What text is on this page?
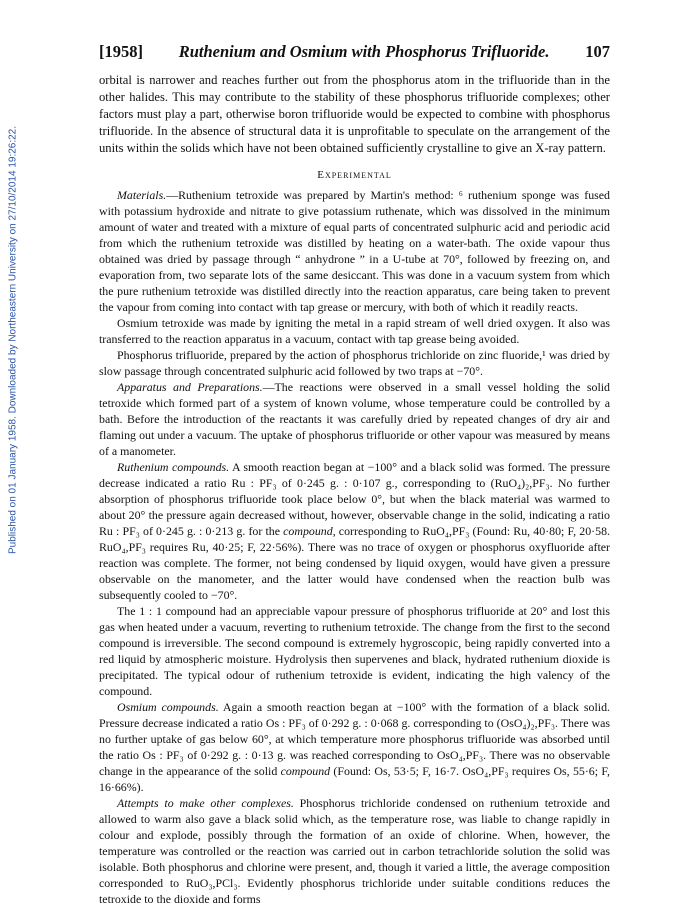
Published on 01 January 1958. Downloaded by Northeastern University on 27/10/2014 19:26:22.
[1958] Ruthenium and Osmium with Phosphorus Trifluoride. 107

orbital is narrower and reaches further out from the phosphorus atom in the trifluoride than in the other halides. This may contribute to the stability of these phosphorus trifluoride complexes; other factors must play a part, otherwise boron trifluoride would be expected to combine with phosphorus trifluoride. In the absence of structural data it is unprofitable to speculate on the arrangement of the units within the solids which have not been obtained sufficiently crystalline to give an X-ray pattern.

Experimental

Materials.—Ruthenium tetroxide was prepared by Martin's method: ⁶ ruthenium sponge was fused with potassium hydroxide and nitrate to give potassium ruthenate, which was dissolved in the minimum amount of water and treated with a mixture of equal parts of concentrated sulphuric acid and periodic acid from which the ruthenium tetroxide was distilled by heating on a water-bath. The oxide vapour thus obtained was dried by passage through “ anhydrone ” in a U-tube at 70°, followed by freezing on, and evaporation from, two separate lots of the same desiccant. This was done in a vacuum system from which the pure ruthenium tetroxide was distilled directly into the reaction apparatus, care being taken to prevent the vapour from coming into contact with tap grease or mercury, with both of which it readily reacts.

Osmium tetroxide was made by igniting the metal in a rapid stream of well dried oxygen. It also was transferred to the reaction apparatus in a vacuum, contact with tap grease being avoided.

Phosphorus trifluoride, prepared by the action of phosphorus trichloride on zinc fluoride,¹ was dried by slow passage through concentrated sulphuric acid followed by two traps at −70°.

Apparatus and Preparations.—The reactions were observed in a small vessel holding the solid tetroxide which formed part of a system of known volume, whose temperature could be controlled by a bath. Before the introduction of the reactants it was carefully dried by repeated changes of dry air and flaming out under a vacuum. The uptake of phosphorus trifluoride or other vapour was measured by means of a manometer.

Ruthenium compounds. A smooth reaction began at −100° and a black solid was formed. The pressure decrease indicated a ratio Ru : PF₃ of 0·245 g. : 0·107 g., corresponding to (RuO₄)₂,PF₃. No further absorption of phosphorus trifluoride took place below 0°, but when the black material was warmed to about 20° the pressure again decreased without, however, observable change in the solid, indicating a ratio Ru : PF₃ of 0·245 g. : 0·213 g. for the compound, corresponding to RuO₄,PF₃ (Found: Ru, 40·80; F, 20·58. RuO₄,PF₃ requires Ru, 40·25; F, 22·56%). There was no trace of oxygen or phosphorus oxyfluoride after reaction was complete. The former, not being condensed by liquid oxygen, would have given a pressure observable on the manometer, and the latter would have condensed when the reaction bulb was subsequently cooled to −70°.

The 1 : 1 compound had an appreciable vapour pressure of phosphorus trifluoride at 20° and lost this gas when heated under a vacuum, reverting to ruthenium tetroxide. The change from the first to the second compound is irreversible. The second compound is extremely hygroscopic, being rapidly converted into a red liquid by atmospheric moisture. Hydrolysis then supervenes and black, hydrated ruthenium dioxide is precipitated. The typical odour of ruthenium tetroxide is evident, indicating the high valency of the compound.

Osmium compounds. Again a smooth reaction began at −100° with the formation of a black solid. Pressure decrease indicated a ratio Os : PF₃ of 0·292 g. : 0·068 g. corresponding to (OsO₄)₂,PF₃. There was no further uptake of gas below 60°, at which temperature more phosphorus trifluoride was absorbed until the ratio Os : PF₃ of 0·292 g. : 0·13 g. was reached corresponding to OsO₄,PF₃. There was no observable change in the appearance of the solid compound (Found: Os, 53·5; F, 16·7. OsO₄,PF₃ requires Os, 55·6; F, 16·66%).

Attempts to make other complexes. Phosphorus trichloride condensed on ruthenium tetroxide and allowed to warm also gave a black solid which, as the temperature rose, was liable to change rapidly in colour and explode, possibly through the formation of an oxide of chlorine. When, however, the temperature was controlled or the reaction was carried out in carbon tetrachloride solution the solid was isolable. Both phosphorus and chlorine were present, and, though it varied a little, the average composition corresponded to RuO₃,PCl₃. Evidently phosphorus trichloride under suitable conditions reduces the tetroxide to the dioxide and forms
